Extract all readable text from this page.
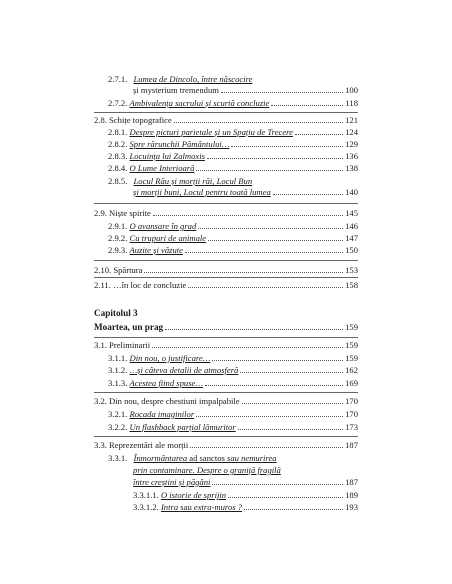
2.7.1. Lumea de Dincolo, între născocire
și mysterium tremendum	100
2.7.2. Ambivalența sacrului și scurtă concluzie	118
2.8. Schițe topografice	121
2.8.1. Despre picturi parietale și un Spațiu de Trecere	124
2.8.2. Spre rărunchii Pământului…	129
2.8.3. Locuința lui Zalmoxis	136
2.8.4. O Lume Interioară	138
2.8.5. Locul Rău și morții răi, Locul Bun
și morții buni, Locul pentru toată lumea	140
2.9. Niște spirite	145
2.9.1. O avansare în grad	146
2.9.2. Cu trupuri de animale	147
2.9.3. Auzite și văzute	150
2.10. Spărtura	153
2.11. …în loc de concluzie	158
Capitolul 3
Moartea, un prag	159
3.1. Preliminarii	159
3.1.1. Din nou, o justificare…	159
3.1.2. …și câteva detalii de atmosferă	162
3.1.3. Acestea fiind spuse…	169
3.2. Din nou, despre chestiuni impalpabile	170
3.2.1. Rocada imaginilor	170
3.2.2. Un flashback parțial lămuritor	173
3.3. Reprezentări ale morții	187
3.3.1. Înmormântarea ad sanctos sau nemurirea
prin contaminare. Despre o graniță fragilă
între creștini și păgâni	187
3.3.1.1. O istorie de sprijin	189
3.3.1.2. Intra sau extra-muros ?	193
